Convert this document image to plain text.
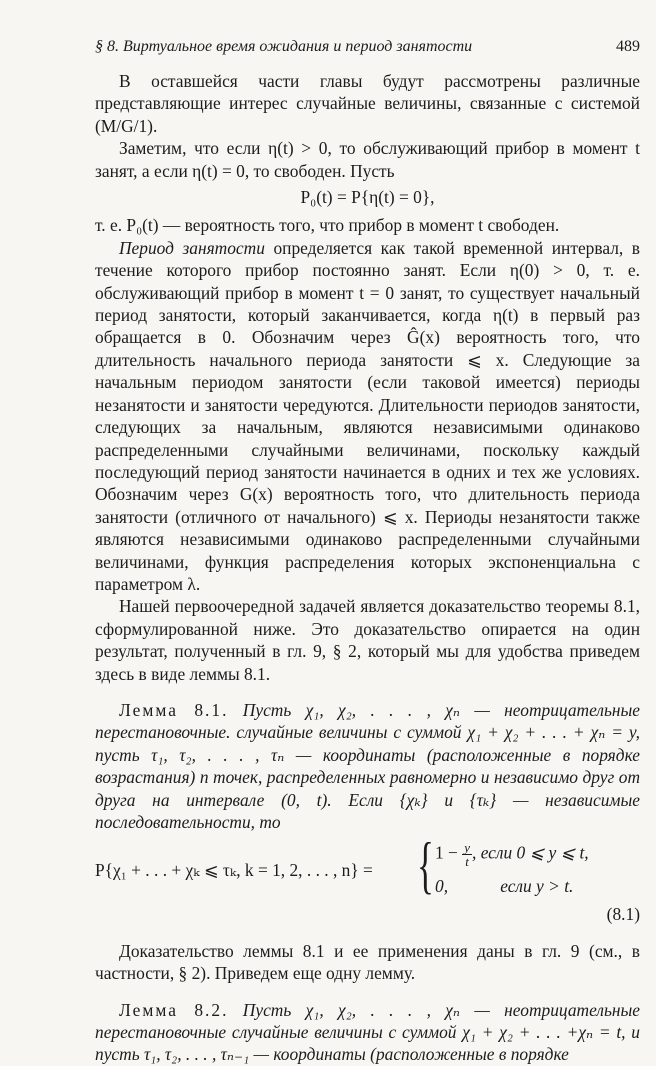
§ 8. Виртуальное время ожидания и период занятости	489

В оставшейся части главы будут рассмотрены различные представляющие интерес случайные величины, связанные с системой (M/G/1).

Заметим, что если η(t) > 0, то обслуживающий прибор в момент t занят, а если η(t) = 0, то свободен. Пусть

P₀(t) = P{η(t) = 0},

т. е. P₀(t) — вероятность того, что прибор в момент t свободен.

Период занятости определяется как такой временной интервал, в течение которого прибор постоянно занят. Если η(0) > 0, т. е. обслуживающий прибор в момент t = 0 занят, то существует начальный период занятости, который заканчивается, когда η(t) в первый раз обращается в 0. Обозначим через Ĝ(x) вероятность того, что длительность начального периода занятости ⩽ x. Следующие за начальным периодом занятости (если таковой имеется) периоды незанятости и занятости чередуются. Длительности периодов занятости, следующих за начальным, являются независимыми одинаково распределенными случайными величинами, поскольку каждый последующий период занятости начинается в одних и тех же условиях. Обозначим через G(x) вероятность того, что длительность периода занятости (отличного от начального) ⩽ x. Периоды незанятости также являются независимыми одинаково распределенными случайными величинами, функция распределения которых экспоненциальна с параметром λ.

Нашей первоочередной задачей является доказательство теоремы 8.1, сформулированной ниже. Это доказательство опирается на один результат, полученный в гл. 9, § 2, который мы для удобства приведем здесь в виде леммы 8.1.

Лемма 8.1. Пусть χ₁, χ₂, . . . , χₙ — неотрицательные перестановочные. случайные величины с суммой χ₁ + χ₂ + . . . + χₙ = y, пусть τ₁, τ₂, . . . , τₙ — координаты (расположенные в порядке возрастания) n точек, распределенных равномерно и независимо друг от друга на интервале (0, t). Если {χₖ} и {τₖ} — независимые последовательности, то

P{χ₁ + . . . + χₖ ⩽ τₖ, k = 1, 2, . . . , n} = { $1 - \frac{y}{t}$ , если 0 ⩽ y ⩽ t,
0,            если y > t.

(8.1)

Доказательство леммы 8.1 и ее применения даны в гл. 9 (см., в частности, § 2). Приведем еще одну лемму.

Лемма 8.2. Пусть χ₁, χ₂, . . . , χₙ — неотрицательные перестановочные случайные величины с суммой χ₁ + χ₂ + . . . +χₙ = t, и пусть τ₁, τ₂, . . . , τₙ₋₁ — координаты (расположенные в порядке
